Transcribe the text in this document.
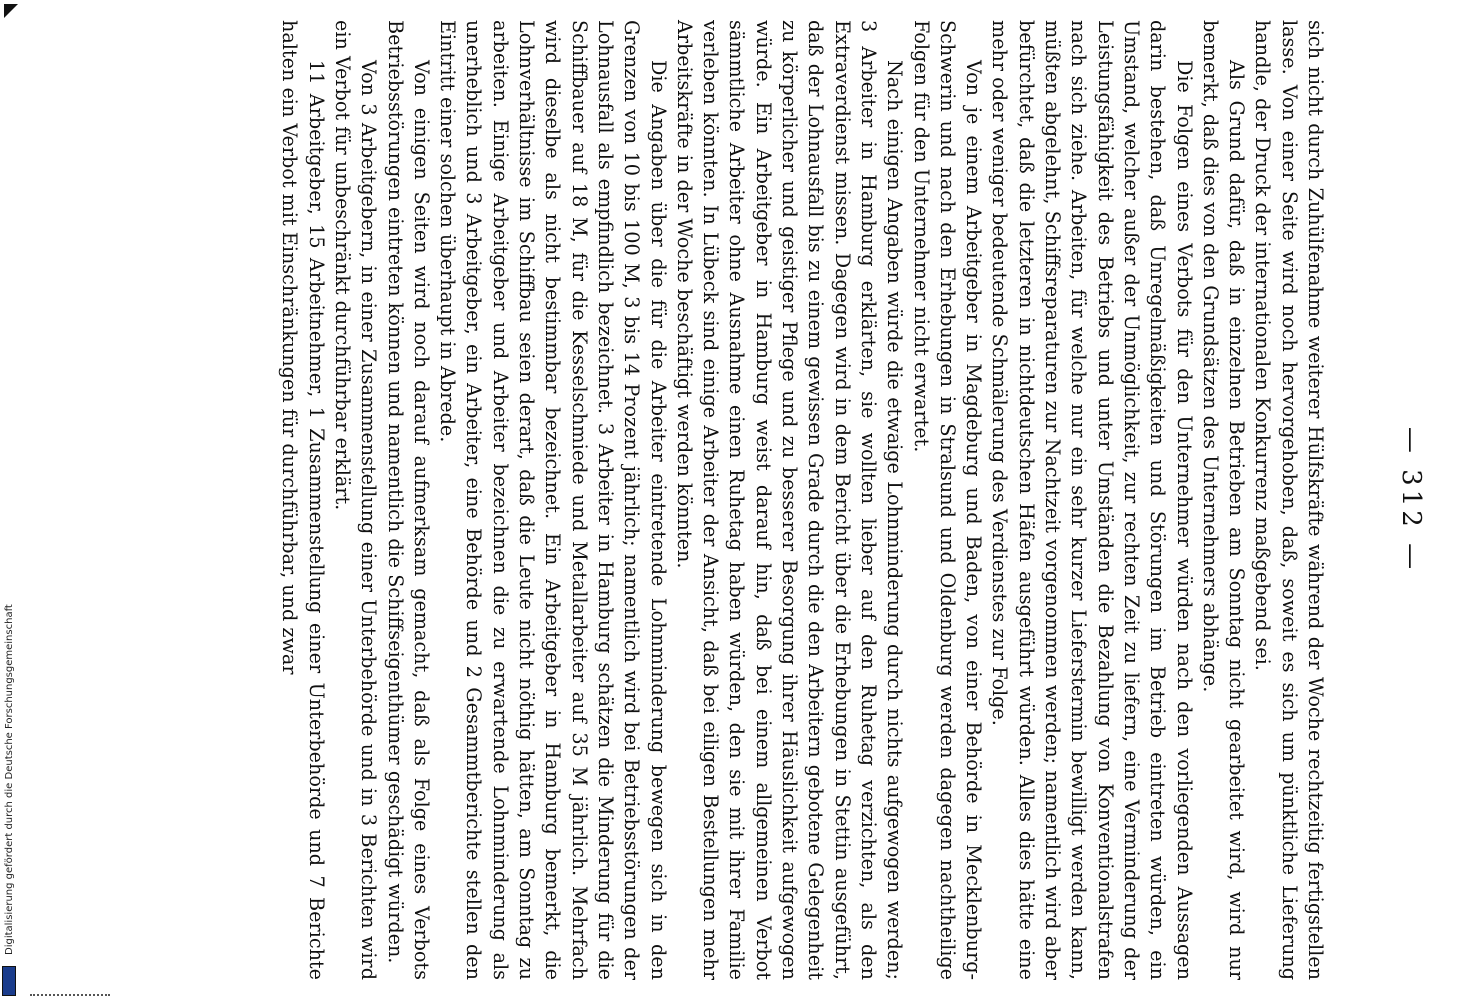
— 312 —

sich nicht durch Zuhülfenahme weiterer Hülfskräfte während der Woche rechtzeitig fertigstellen lasse. Von einer Seite wird noch hervorgehoben, daß, soweit es sich um pünktliche Lieferung handle, der Druck der internationalen Konkurrenz maßgebend sei.

Als Grund dafür, daß in einzelnen Betrieben am Sonntag nicht gearbeitet wird, wird nur bemerkt, daß dies von den Grundsätzen des Unternehmers abhänge.

Die Folgen eines Verbots für den Unternehmer würden nach den vorliegenden Aussagen darin bestehen, daß Unregelmäßigkeiten und Störungen im Betrieb eintreten würden, ein Umstand, welcher außer der Unmöglichkeit, zur rechten Zeit zu liefern, eine Verminderung der Leistungsfähigkeit des Betriebs und unter Umständen die Bezahlung von Konventionalstrafen nach sich ziehe. Arbeiten, für welche nur ein sehr kurzer Lieferstermin bewilligt werden kann, müßten abgelehnt, Schiffsreparaturen zur Nachtzeit vorgenommen werden; namentlich wird aber befürchtet, daß die letzteren in nichtdeutschen Häfen ausgeführt würden. Alles dies hätte eine mehr oder weniger bedeutende Schmälerung des Verdienstes zur Folge.

Von je einem Arbeitgeber in Magdeburg und Baden, von einer Behörde in Mecklenburg-Schwerin und nach den Erhebungen in Stralsund und Oldenburg werden dagegen nachtheilige Folgen für den Unternehmer nicht erwartet.

Nach einigen Angaben würde die etwaige Lohnminderung durch nichts aufgewogen werden; 3 Arbeiter in Hamburg erklärten, sie wollten lieber auf den Ruhetag verzichten, als den Extraverdienst missen. Dagegen wird in dem Bericht über die Erhebungen in Stettin ausgeführt, daß der Lohnausfall bis zu einem gewissen Grade durch die den Arbeitern gebotene Gelegenheit zu körperlicher und geistiger Pflege und zu besserer Besorgung ihrer Häuslichkeit aufgewogen würde. Ein Arbeitgeber in Hamburg weist darauf hin, daß bei einem allgemeinen Verbot sämmtliche Arbeiter ohne Ausnahme einen Ruhetag haben würden, den sie mit ihrer Familie verleben könnten. In Lübeck sind einige Arbeiter der Ansicht, daß bei eiligen Bestellungen mehr Arbeitskräfte in der Woche beschäftigt werden könnten.

Die Angaben über die für die Arbeiter eintretende Lohnminderung bewegen sich in den Grenzen von 10 bis 100 M, 3 bis 14 Prozent jährlich; namentlich wird bei Betriebsstörungen der Lohnausfall als empfindlich bezeichnet. 3 Arbeiter in Hamburg schätzen die Minderung für die Schiffbauer auf 18 M, für die Kesselschmiede und Metallarbeiter auf 35 M jährlich. Mehrfach wird dieselbe als nicht bestimmbar bezeichnet. Ein Arbeitgeber in Hamburg bemerkt, die Lohnverhältnisse im Schiffbau seien derart, daß die Leute nicht nöthig hätten, am Sonntag zu arbeiten. Einige Arbeitgeber und Arbeiter bezeichnen die zu erwartende Lohnminderung als unerheblich und 3 Arbeitgeber, ein Arbeiter, eine Behörde und 2 Gesammtberichte stellen den Eintritt einer solchen überhaupt in Abrede.

Von einigen Seiten wird noch darauf aufmerksam gemacht, daß als Folge eines Verbots Betriebsstörungen eintreten können und namentlich die Schiffseigenthümer geschädigt würden.

Von 3 Arbeitgebern, in einer Zusammenstellung einer Unterbehörde und in 3 Berichten wird ein Verbot für unbeschränkt durchführbar erklärt.

11 Arbeitgeber, 15 Arbeitnehmer, 1 Zusammenstellung einer Unterbehörde und 7 Berichte halten ein Verbot mit Einschränkungen für durchführbar, und zwar

Digitalisierung gefördert durch die Deutsche Forschungsgemeinschaft
